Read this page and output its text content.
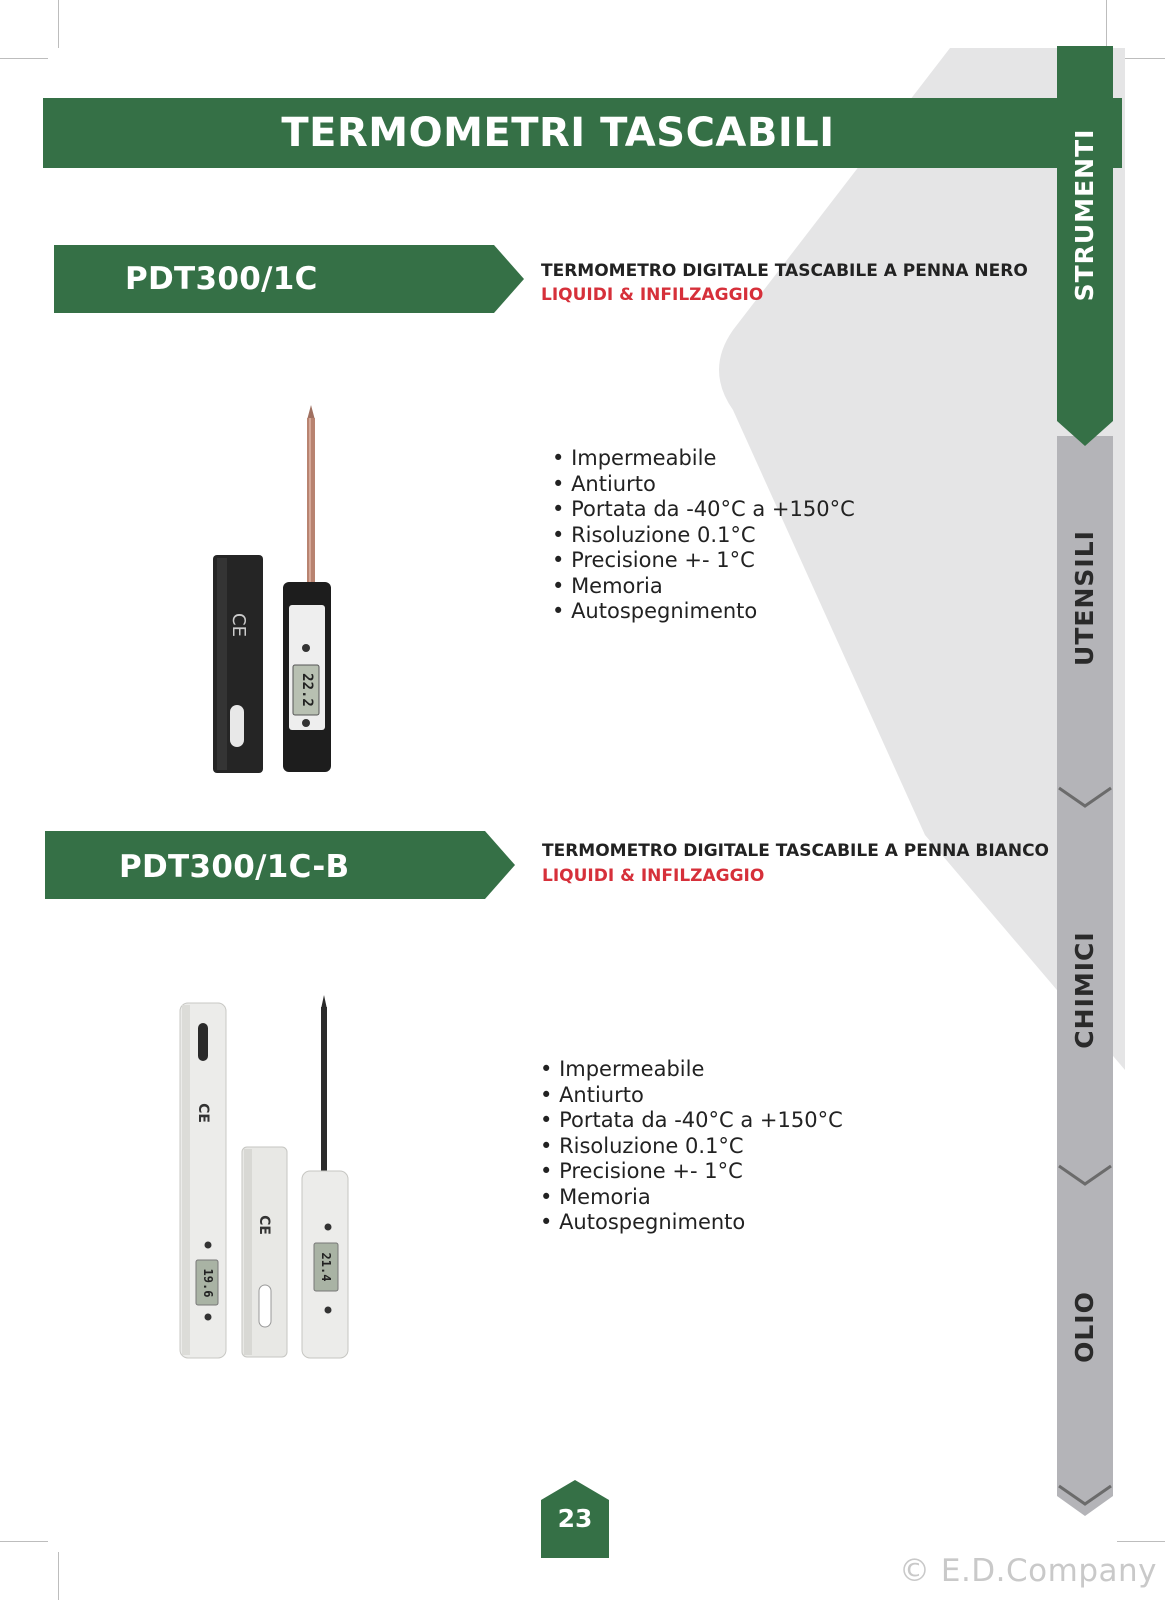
TERMOMETRI TASCABILI	STRUMENTI
UTENSILI
CHIMICI
OLIO
PDT300/1C	TERMOMETRO DIGITALE TASCABILE A PENNA NERO
LIQUIDI & INFILZAGGIO
• Impermeabile
• Antiurto
• Portata da -40°C a +150°C
• Risoluzione 0.1°C
• Precisione +- 1°C
• Memoria
• Autospegnimento
CE
22.2
PDT300/1C-B	TERMOMETRO DIGITALE TASCABILE A PENNA BIANCO
LIQUIDI & INFILZAGGIO
• Impermeabile
• Antiurto
• Portata da -40°C a +150°C
• Risoluzione 0.1°C
• Precisione +- 1°C
• Memoria
• Autospegnimento
CE
19.6
CE
21.4
23
© E.D.Company
